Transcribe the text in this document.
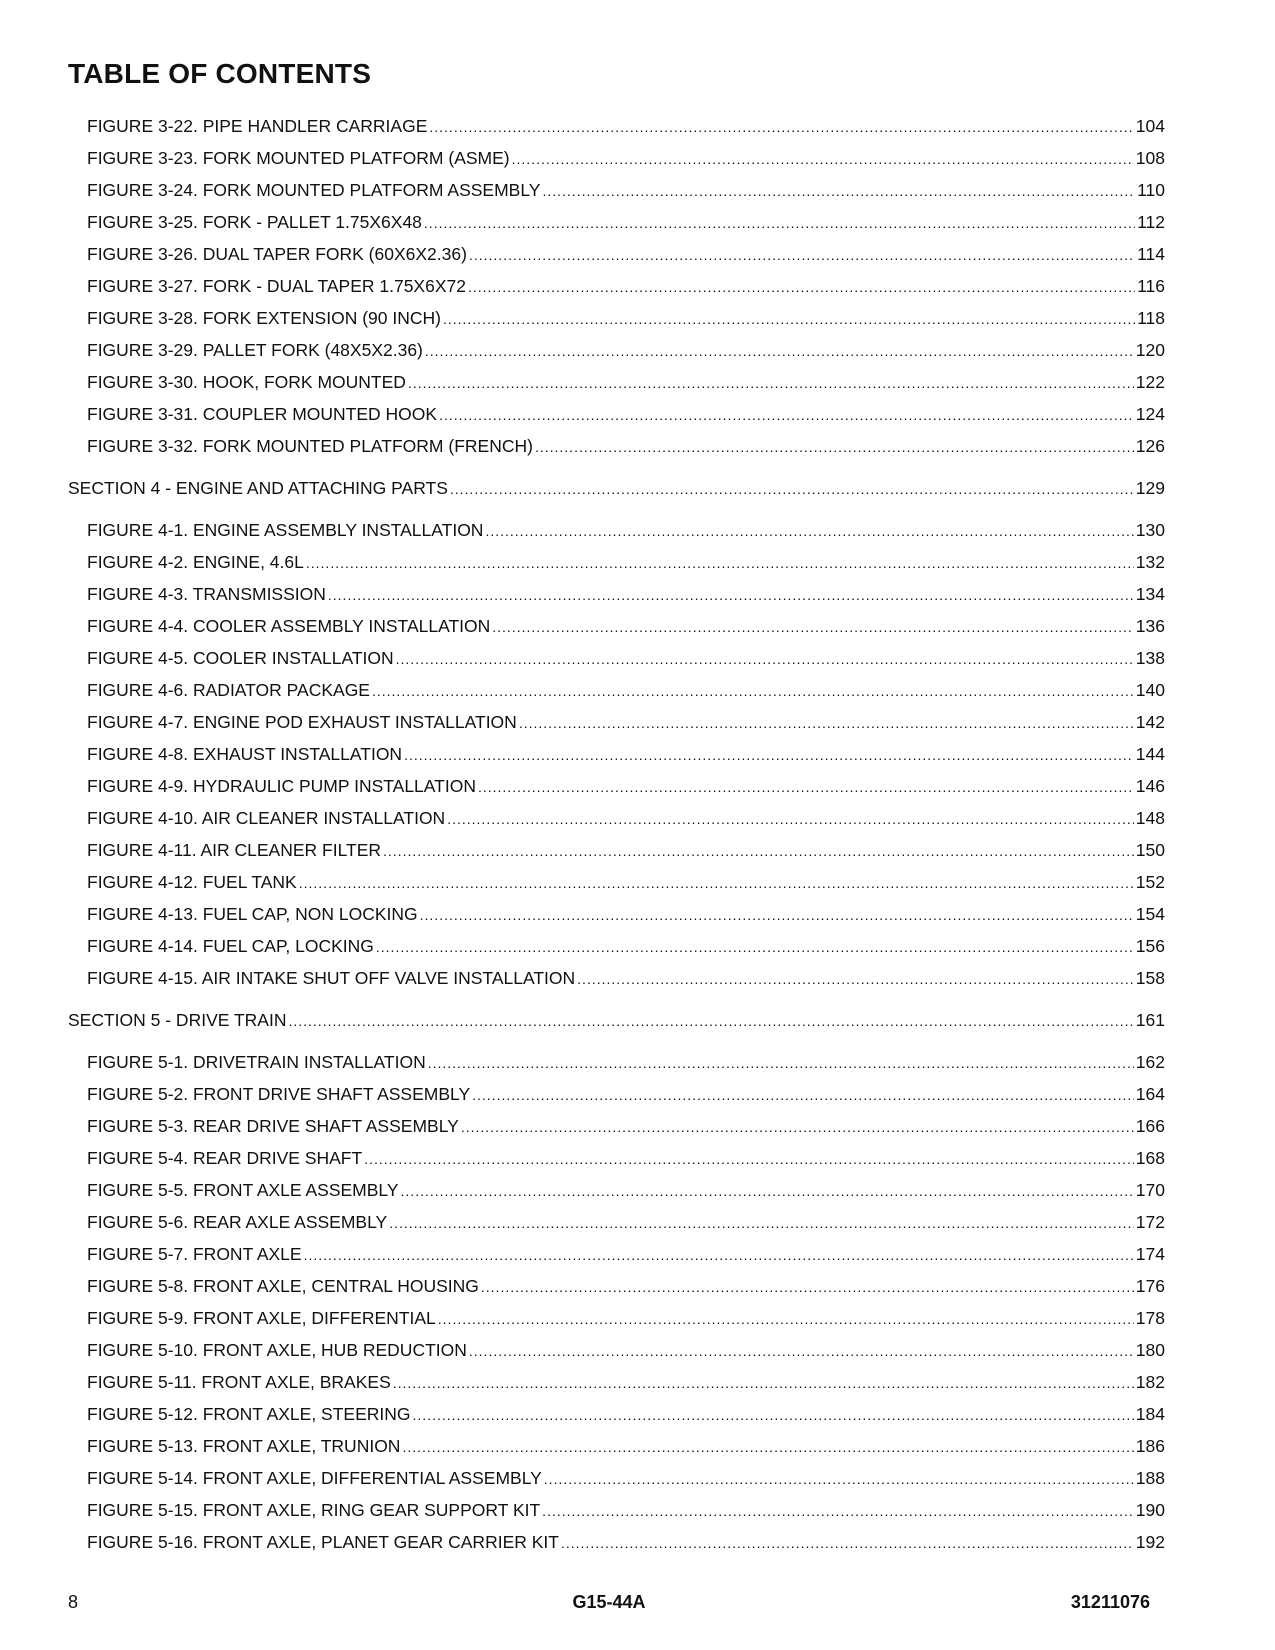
TABLE OF CONTENTS
FIGURE 3-22. PIPE HANDLER CARRIAGE .....	104
FIGURE 3-23. FORK MOUNTED PLATFORM (ASME) .....	108
FIGURE 3-24. FORK MOUNTED PLATFORM ASSEMBLY .....	110
FIGURE 3-25. FORK - PALLET 1.75X6X48 .....	112
FIGURE 3-26. DUAL TAPER FORK (60X6X2.36) .....	114
FIGURE 3-27. FORK - DUAL TAPER 1.75X6X72 .....	116
FIGURE 3-28. FORK EXTENSION (90 INCH) .....	118
FIGURE 3-29. PALLET FORK (48X5X2.36) .....	120
FIGURE 3-30. HOOK, FORK MOUNTED .....	122
FIGURE 3-31. COUPLER MOUNTED HOOK .....	124
FIGURE 3-32. FORK MOUNTED PLATFORM (FRENCH) .....	126
SECTION 4 - ENGINE AND ATTACHING PARTS .....	129
FIGURE 4-1. ENGINE ASSEMBLY INSTALLATION .....	130
FIGURE 4-2. ENGINE, 4.6L .....	132
FIGURE 4-3. TRANSMISSION .....	134
FIGURE 4-4. COOLER ASSEMBLY INSTALLATION .....	136
FIGURE 4-5. COOLER INSTALLATION .....	138
FIGURE 4-6. RADIATOR PACKAGE .....	140
FIGURE 4-7. ENGINE POD EXHAUST INSTALLATION .....	142
FIGURE 4-8. EXHAUST INSTALLATION .....	144
FIGURE 4-9. HYDRAULIC PUMP INSTALLATION .....	146
FIGURE 4-10. AIR CLEANER INSTALLATION .....	148
FIGURE 4-11. AIR CLEANER FILTER .....	150
FIGURE 4-12. FUEL TANK .....	152
FIGURE 4-13. FUEL CAP, NON LOCKING .....	154
FIGURE 4-14. FUEL CAP, LOCKING .....	156
FIGURE 4-15. AIR INTAKE SHUT OFF VALVE INSTALLATION .....	158
SECTION 5 - DRIVE TRAIN .....	161
FIGURE 5-1. DRIVETRAIN INSTALLATION .....	162
FIGURE 5-2. FRONT DRIVE SHAFT ASSEMBLY .....	164
FIGURE 5-3. REAR DRIVE SHAFT ASSEMBLY .....	166
FIGURE 5-4. REAR DRIVE SHAFT .....	168
FIGURE 5-5. FRONT AXLE ASSEMBLY .....	170
FIGURE 5-6. REAR AXLE ASSEMBLY .....	172
FIGURE 5-7. FRONT AXLE .....	174
FIGURE 5-8. FRONT AXLE, CENTRAL HOUSING .....	176
FIGURE 5-9. FRONT AXLE, DIFFERENTIAL .....	178
FIGURE 5-10. FRONT AXLE, HUB REDUCTION .....	180
FIGURE 5-11. FRONT AXLE, BRAKES .....	182
FIGURE 5-12. FRONT AXLE, STEERING .....	184
FIGURE 5-13. FRONT AXLE, TRUNION .....	186
FIGURE 5-14. FRONT AXLE, DIFFERENTIAL ASSEMBLY .....	188
FIGURE 5-15. FRONT AXLE, RING GEAR SUPPORT KIT .....	190
FIGURE 5-16. FRONT AXLE, PLANET GEAR CARRIER KIT .....	192
8	G15-44A	31211076
